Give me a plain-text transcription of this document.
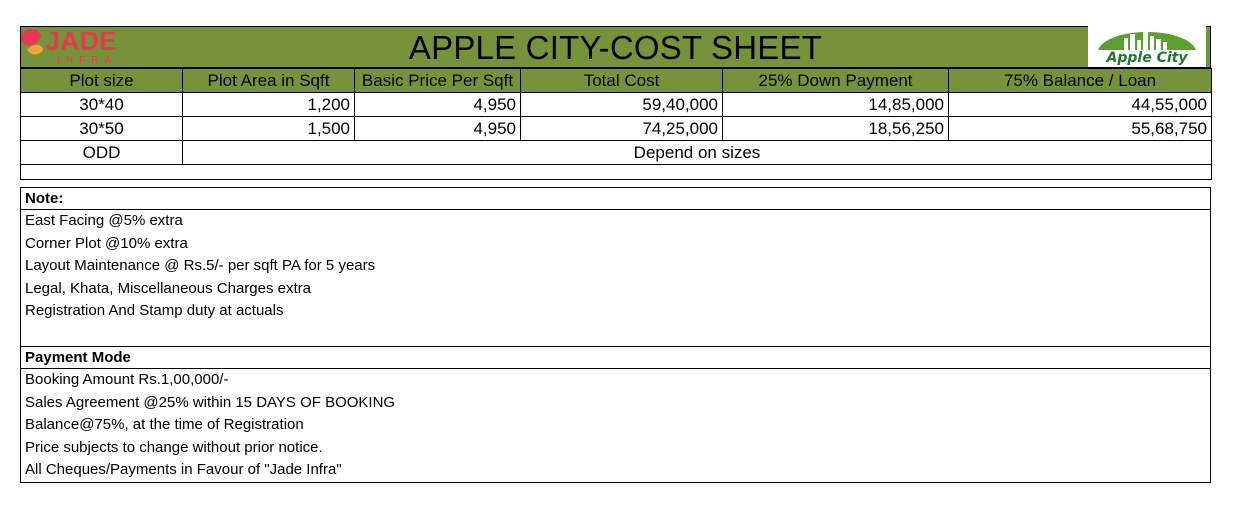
APPLE CITY-COST SHEET
JADE
INFRA	Apple City
Plot size	Plot Area in Sqft	Basic Price Per Sqft	Total Cost	25% Down Payment	75% Balance / Loan
30*40	1,200	4,950	59,40,000	14,85,000	44,55,000
30*50	1,500	4,950	74,25,000	18,56,250	55,68,750
ODD	Depend on sizes				

Note:
East Facing @5% extra
Corner Plot @10% extra
Layout Maintenance @ Rs.5/- per sqft PA for 5 years
Legal, Khata, Miscellaneous Charges extra
Registration And Stamp duty at actuals
Payment Mode
Booking Amount Rs.1,00,000/-
Sales Agreement @25% within 15 DAYS OF BOOKING
Balance@75%, at the time of Registration
Price subjects to change without prior notice.
All Cheques/Payments in Favour of "Jade Infra"
